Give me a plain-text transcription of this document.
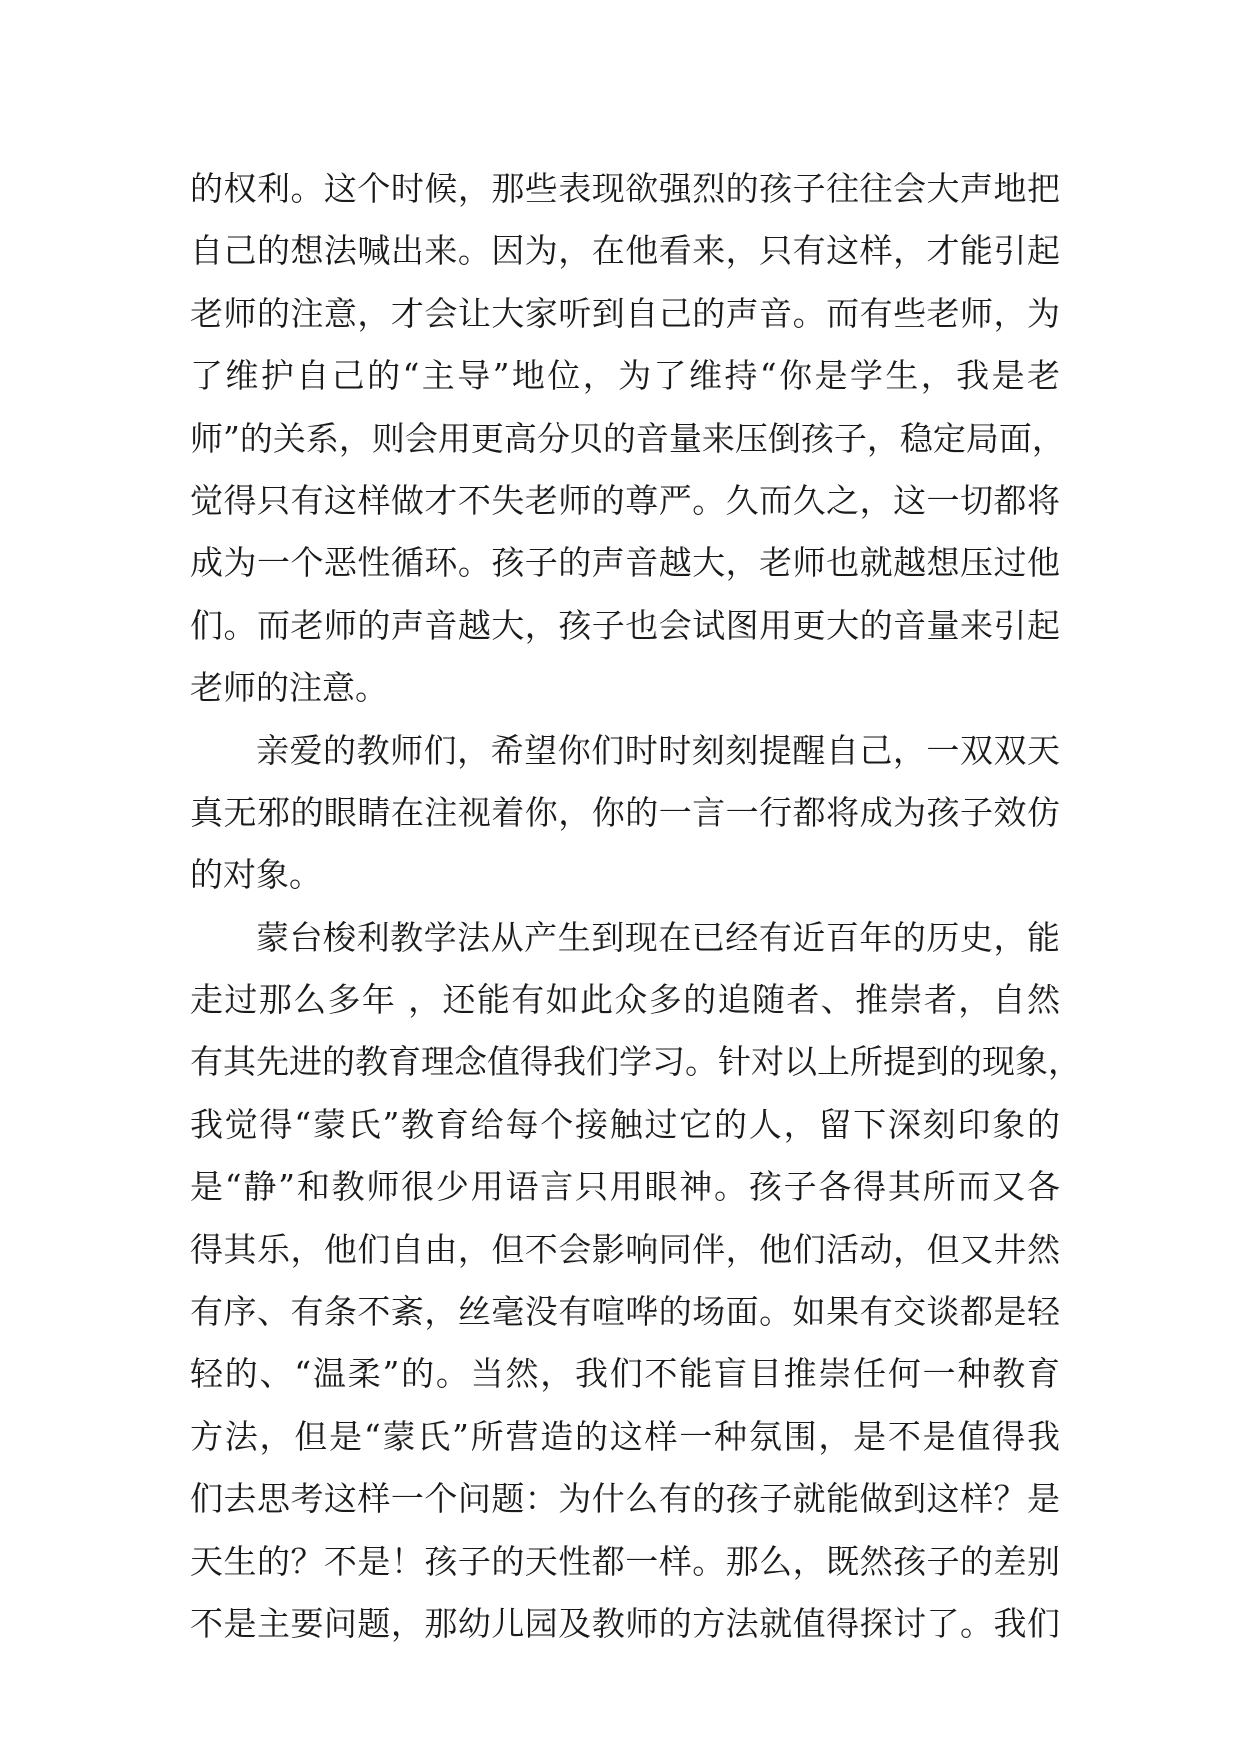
的权利。这个时候，那些表现欲强烈的孩子往往会大声地把
自己的想法喊出来。因为，在他看来，只有这样，才能引起
老师的注意，才会让大家听到自己的声音。而有些老师，为
了维护自己的“主导”地位，为了维持“你是学生，我是老
师”的关系，则会用更高分贝的音量来压倒孩子，稳定局面，
觉得只有这样做才不失老师的尊严。久而久之，这一切都将
成为一个恶性循环。孩子的声音越大，老师也就越想压过他
们。而老师的声音越大，孩子也会试图用更大的音量来引起
老师的注意。
亲爱的教师们，希望你们时时刻刻提醒自己，一双双天
真无邪的眼睛在注视着你，你的一言一行都将成为孩子效仿
的对象。
蒙台梭利教学法从产生到现在已经有近百年的历史，能
走过那么多年 ，还能有如此众多的追随者、推崇者，自然
有其先进的教育理念值得我们学习。针对以上所提到的现象，
我觉得“蒙氏”教育给每个接触过它的人，留下深刻印象的
是“静”和教师很少用语言只用眼神。孩子各得其所而又各
得其乐，他们自由，但不会影响同伴，他们活动，但又井然
有序、有条不紊，丝毫没有喧哗的场面。如果有交谈都是轻
轻的、“温柔”的。当然，我们不能盲目推崇任何一种教育
方法，但是“蒙氏”所营造的这样一种氛围，是不是值得我
们去思考这样一个问题：为什么有的孩子就能做到这样？是
天生的？不是！孩子的天性都一样。那么，既然孩子的差别
不是主要问题，那幼儿园及教师的方法就值得探讨了。我们
